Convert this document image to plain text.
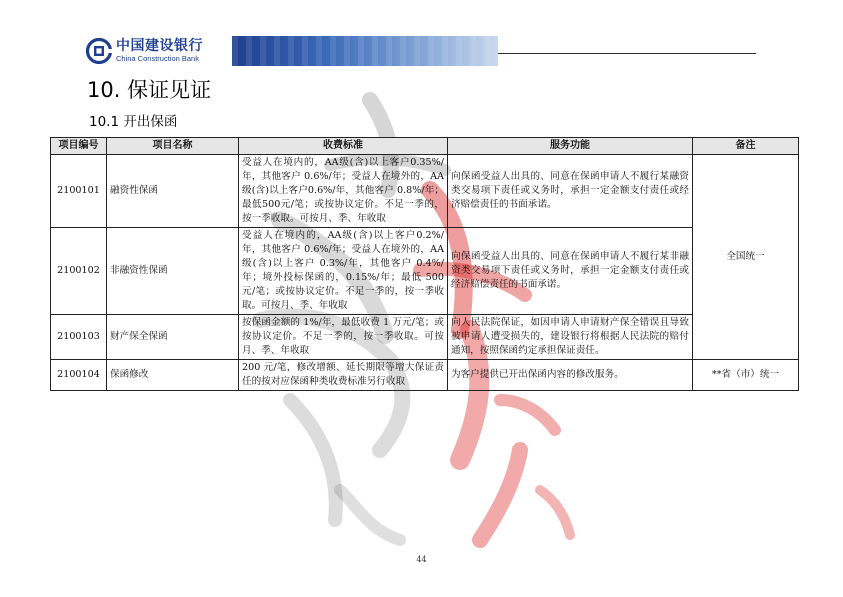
中国建设银行
China Construction Bank
10. 保证见证
10.1 开出保函
项目编号	项目名称	收费标准	服务功能	备注
2100101	融资性保函	受益人在境内的，AA级(含)以上客户0.35%/年，其他客户 0.6%/年；受益人在境外的，AA 级(含)以上客户0.6%/年，其他客户 0.8%/年；最低500元/笔；或按协议定价。不足一季的，按一季收取。可按月、季、年收取	向保函受益人出具的、同意在保函申请人不履行某融资类交易项下责任或义务时，承担一定金额支付责任或经济赔偿责任的书面承诺。	全国统一
2100102	非融资性保函	受益人在境内的，AA级(含)以上客户0.2%/年，其他客户 0.6%/年；受益人在境外的，AA 级(含)以上客户 0.3%/年，其他客户 0.4%/年；境外投标保函的，0.15%/年；最低 500 元/笔；或按协议定价。不足一季的，按一季收取。可按月、季、年收取	向保函受益人出具的、同意在保函申请人不履行某非融资类交易项下责任或义务时，承担一定金额支付责任或经济赔偿责任的书面承诺。	
2100103	财产保全保函	按保函金额的 1%/年，最低收费 1 万元/笔；或按协议定价。不足一季的，按一季收取。可按月、季、年收取	向人民法院保证，如因申请人申请财产保全错误且导致被申请人遭受损失的，建设银行将根据人民法院的赔付通知，按照保函约定承担保证责任。	
2100104	保函修改	200 元/笔，修改增额、延长期限等增大保证责任的按对应保函种类收费标准另行收取	为客户提供已开出保函内容的修改服务。	**省（市）统一
44
